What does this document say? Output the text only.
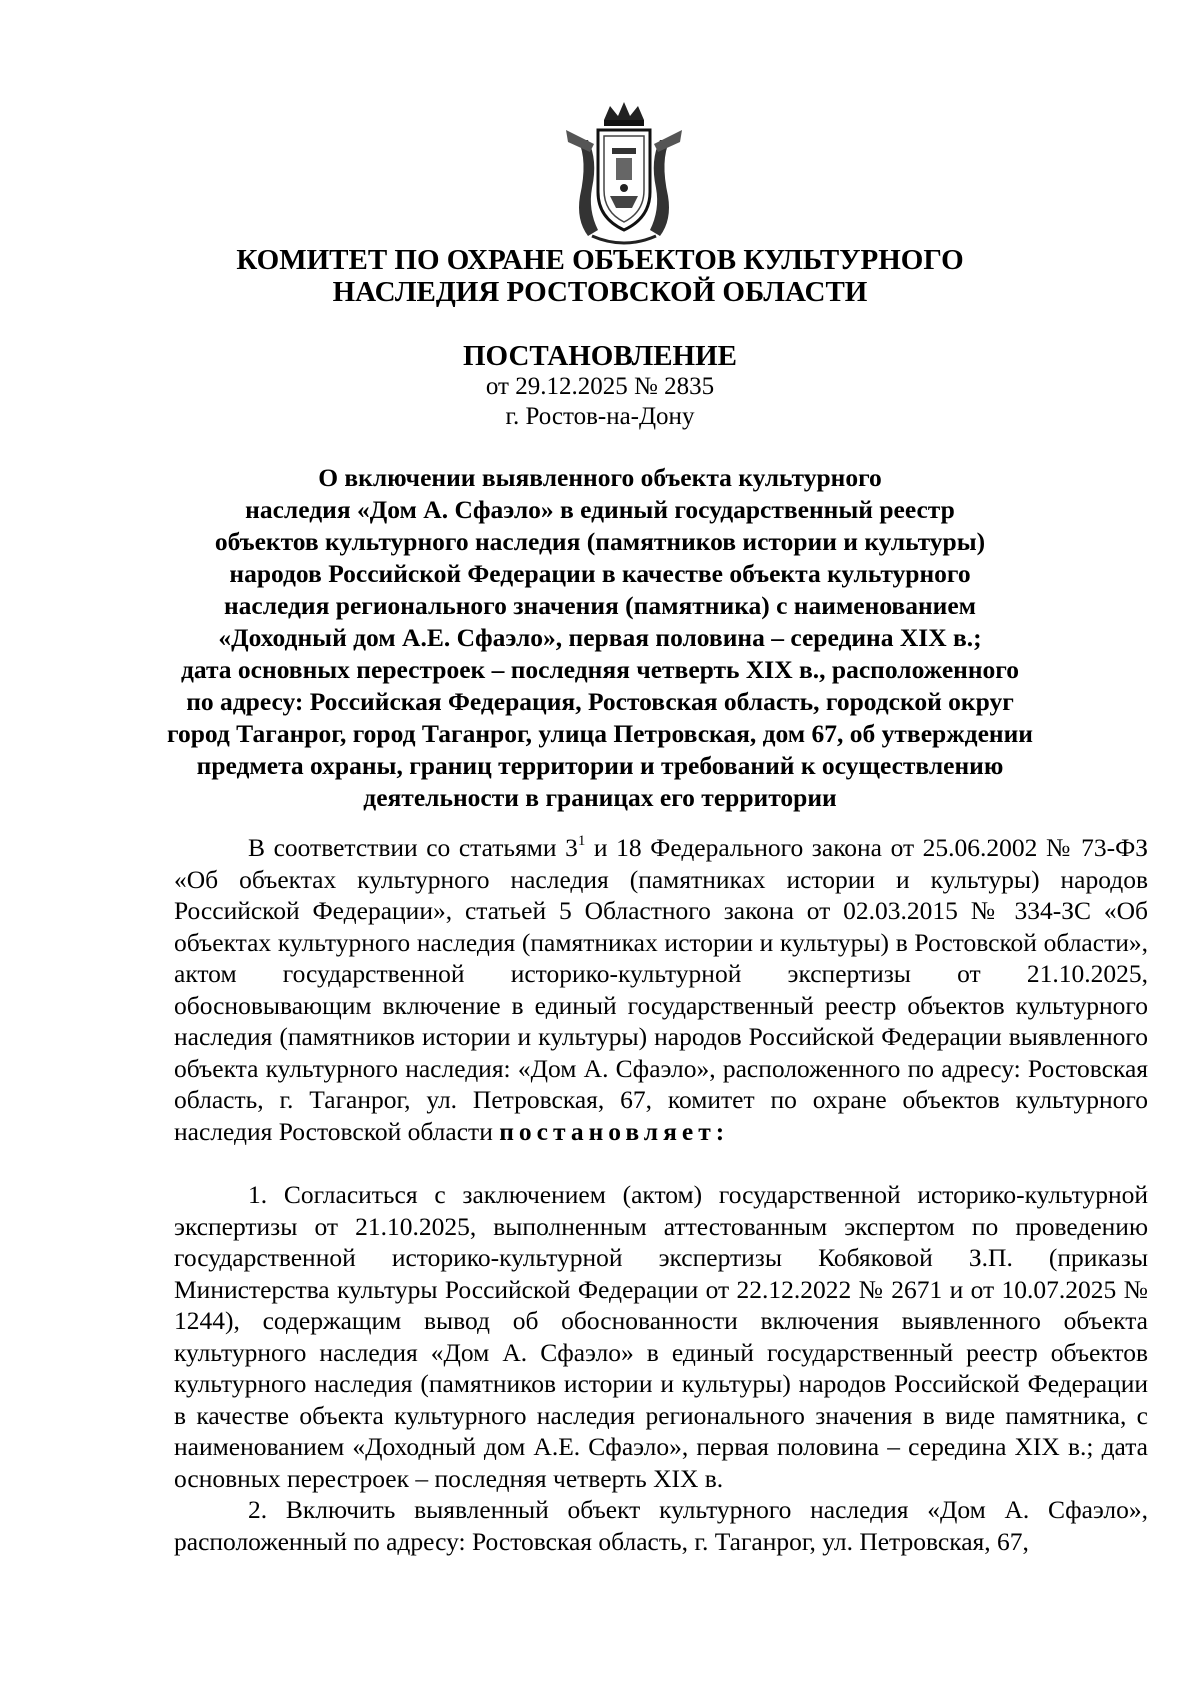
КОМИТЕТ ПО ОХРАНЕ ОБЪЕКТОВ КУЛЬТУРНОГО
НАСЛЕДИЯ РОСТОВСКОЙ ОБЛАСТИ
ПОСТАНОВЛЕНИЕ
от 29.12.2025 № 2835
г. Ростов-на-Дону
О включении выявленного объекта культурного
наследия «Дом А. Сфаэло» в единый государственный реестр
объектов культурного наследия (памятников истории и культуры)
народов Российской Федерации в качестве объекта культурного
наследия регионального значения (памятника) с наименованием
«Доходный дом А.Е. Сфаэло», первая половина – середина XIX в.;
дата основных перестроек – последняя четверть XIX в., расположенного
по адресу: Российская Федерация, Ростовская область, городской округ
город Таганрог, город Таганрог, улица Петровская, дом 67, об утверждении
предмета охраны, границ территории и требований к осуществлению
деятельности в границах его территории

В соответствии со статьями $3^1$ и 18 Федерального закона от 25.06.2002 № 73-ФЗ «Об объектах культурного наследия (памятниках истории и культуры) народов Российской Федерации», статьей 5 Областного закона от 02.03.2015 № 334-ЗС «Об объектах культурного наследия (памятниках истории и культуры) в Ростовской области», актом государственной историко-культурной экспертизы от 21.10.2025, обосновывающим включение в единый государственный реестр объектов культурного наследия (памятников истории и культуры) народов Российской Федерации выявленного объекта культурного наследия: «Дом А. Сфаэло», расположенного по адресу: Ростовская область, г. Таганрог, ул. Петровская, 67, комитет по охране объектов культурного наследия Ростовской области постановляет:

1. Согласиться с заключением (актом) государственной историко-культурной экспертизы от 21.10.2025, выполненным аттестованным экспертом по проведению государственной историко-культурной экспертизы Кобяковой З.П. (приказы Министерства культуры Российской Федерации от 22.12.2022 № 2671 и от 10.07.2025 № 1244), содержащим вывод об обоснованности включения выявленного объекта культурного наследия «Дом А. Сфаэло» в единый государственный реестр объектов культурного наследия (памятников истории и культуры) народов Российской Федерации в качестве объекта культурного наследия регионального значения в виде памятника, с наименованием «Доходный дом А.Е. Сфаэло», первая половина – середина XIX в.; дата основных перестроек – последняя четверть XIX в.

2. Включить выявленный объект культурного наследия «Дом А. Сфаэло», расположенный по адресу: Ростовская область, г. Таганрог, ул. Петровская, 67,
